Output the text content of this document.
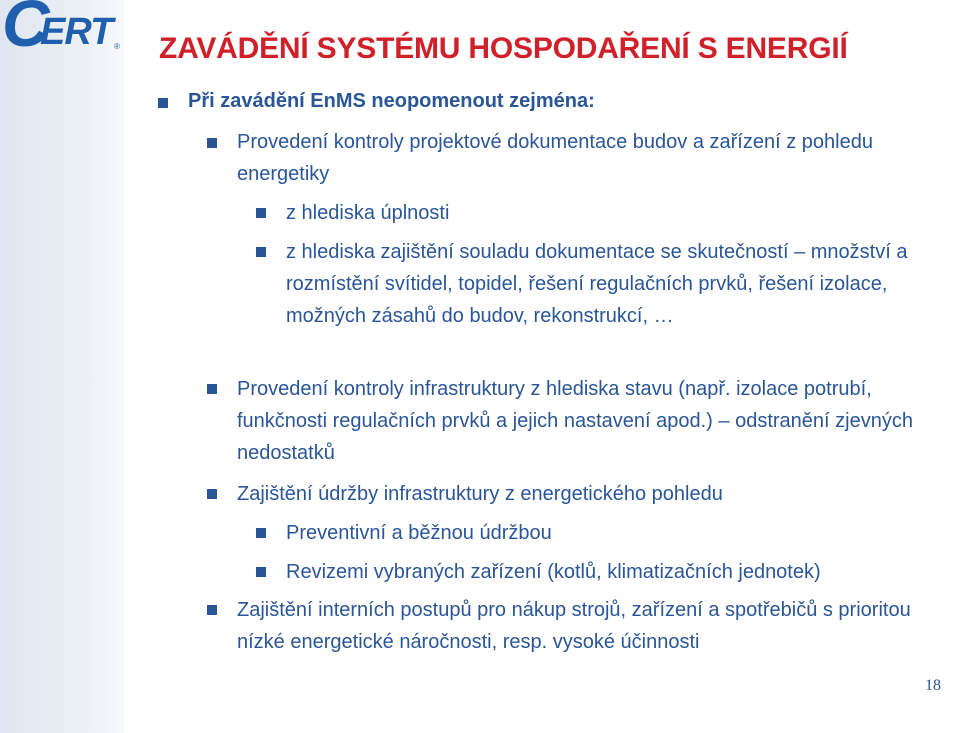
C
ERT ® ZAVÁDĚNÍ SYSTÉMU HOSPODAŘENÍ S ENERGIÍ
Při zavádění EnMS neopomenout zejména:
Provedení kontroly projektové dokumentace budov a zařízení z pohledu energetiky
z hlediska úplnosti
z hlediska zajištění souladu dokumentace se skutečností – množství a rozmístění svítidel, topidel, řešení regulačních prvků, řešení izolace, možných zásahů do budov, rekonstrukcí, …
Provedení kontroly infrastruktury z hlediska stavu (např. izolace potrubí, funkčnosti regulačních prvků a jejich nastavení apod.) – odstranění zjevných nedostatků
Zajištění údržby infrastruktury z energetického pohledu
Preventivní a běžnou údržbou
Revizemi vybraných zařízení (kotlů, klimatizačních jednotek)
Zajištění interních postupů pro nákup strojů, zařízení a spotřebičů s prioritou nízké energetické náročnosti, resp. vysoké účinnosti
18
